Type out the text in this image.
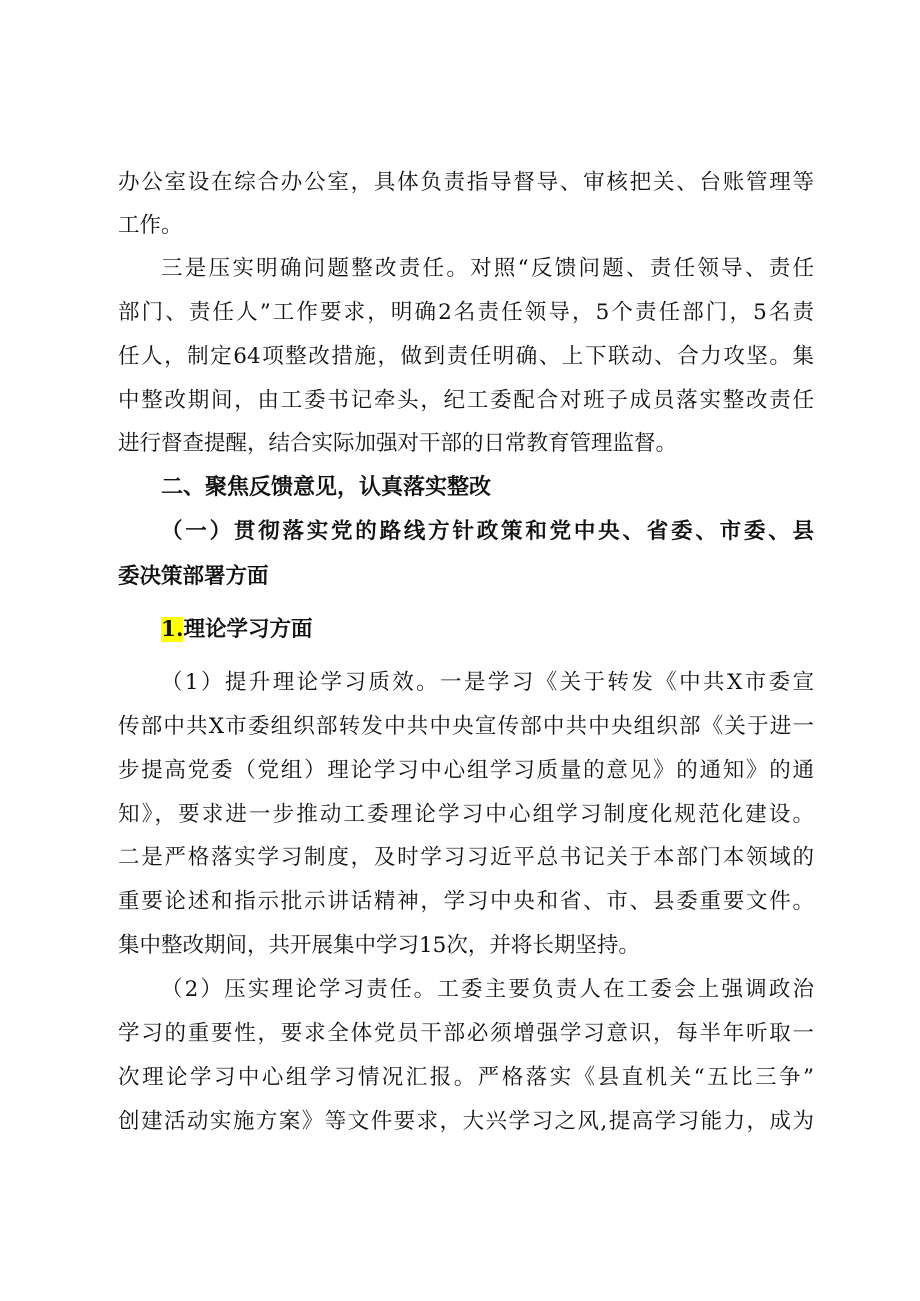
办公室设在综合办公室，具体负责指导督导、审核把关、台账管理等
工作。
三是压实明确问题整改责任。对照“反馈问题、责任领导、责任
部门、责任人”工作要求，明确2名责任领导，5个责任部门，5名责
任人，制定64项整改措施，做到责任明确、上下联动、合力攻坚。集
中整改期间，由工委书记牵头，纪工委配合对班子成员落实整改责任
进行督查提醒，结合实际加强对干部的日常教育管理监督。
二、聚焦反馈意见，认真落实整改
（一）贯彻落实党的路线方针政策和党中央、省委、市委、县
委决策部署方面
1.理论学习方面
（1）提升理论学习质效。一是学习《关于转发《中共X市委宣
传部中共X市委组织部转发中共中央宣传部中共中央组织部《关于进一
步提高党委（党组）理论学习中心组学习质量的意见》的通知》的通
知》，要求进一步推动工委理论学习中心组学习制度化规范化建设。
二是严格落实学习制度，及时学习习近平总书记关于本部门本领域的
重要论述和指示批示讲话精神，学习中央和省、市、县委重要文件。
集中整改期间，共开展集中学习15次，并将长期坚持。
（2）压实理论学习责任。工委主要负责人在工委会上强调政治
学习的重要性，要求全体党员干部必须增强学习意识，每半年听取一
次理论学习中心组学习情况汇报。严格落实《县直机关“五比三争”
创建活动实施方案》等文件要求，大兴学习之风,提高学习能力，成为
